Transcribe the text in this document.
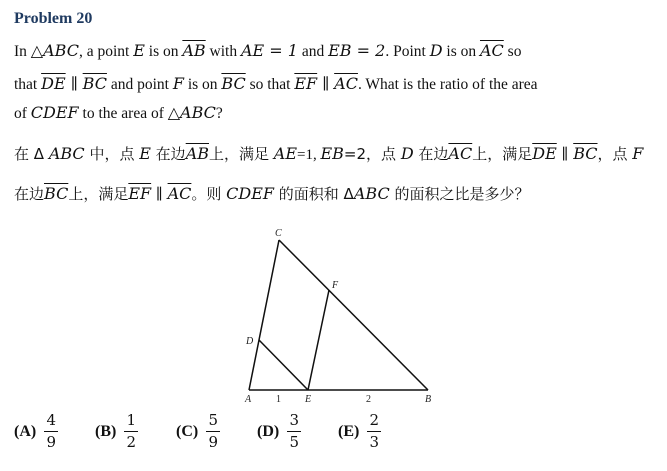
Problem 20
In △ABC, a point E is on $\overline{AB}$ with AE = 1 and EB = 2. Point D is on $\overline{AC}$ so
that $\overline{DE}$ ∥ $\overline{BC}$ and point F is on $\overline{BC}$ so that $\overline{EF}$ ∥ $\overline{AC}$. What is the ratio of the area
of CDEF to the area of △ABC?
在 Δ ABC 中，点 E 在边$\overline{AB}$上，满足 AE=1, EB=2，点 D 在边$\overline{AC}$上，满足$\overline{DE}$ ∥ $\overline{BC}$，点 F
在边$\overline{BC}$上，满足$\overline{EF}$ ∥ $\overline{AC}$。则 CDEF 的面积和 ΔABC 的面积之比是多少？
C
F
D
A	E	B
1	2
$(A) \frac{4}{9} (B) \frac{1}{2} (C) \frac{5}{9} (D) \frac{3}{5} (E) \frac{2}{3}$
